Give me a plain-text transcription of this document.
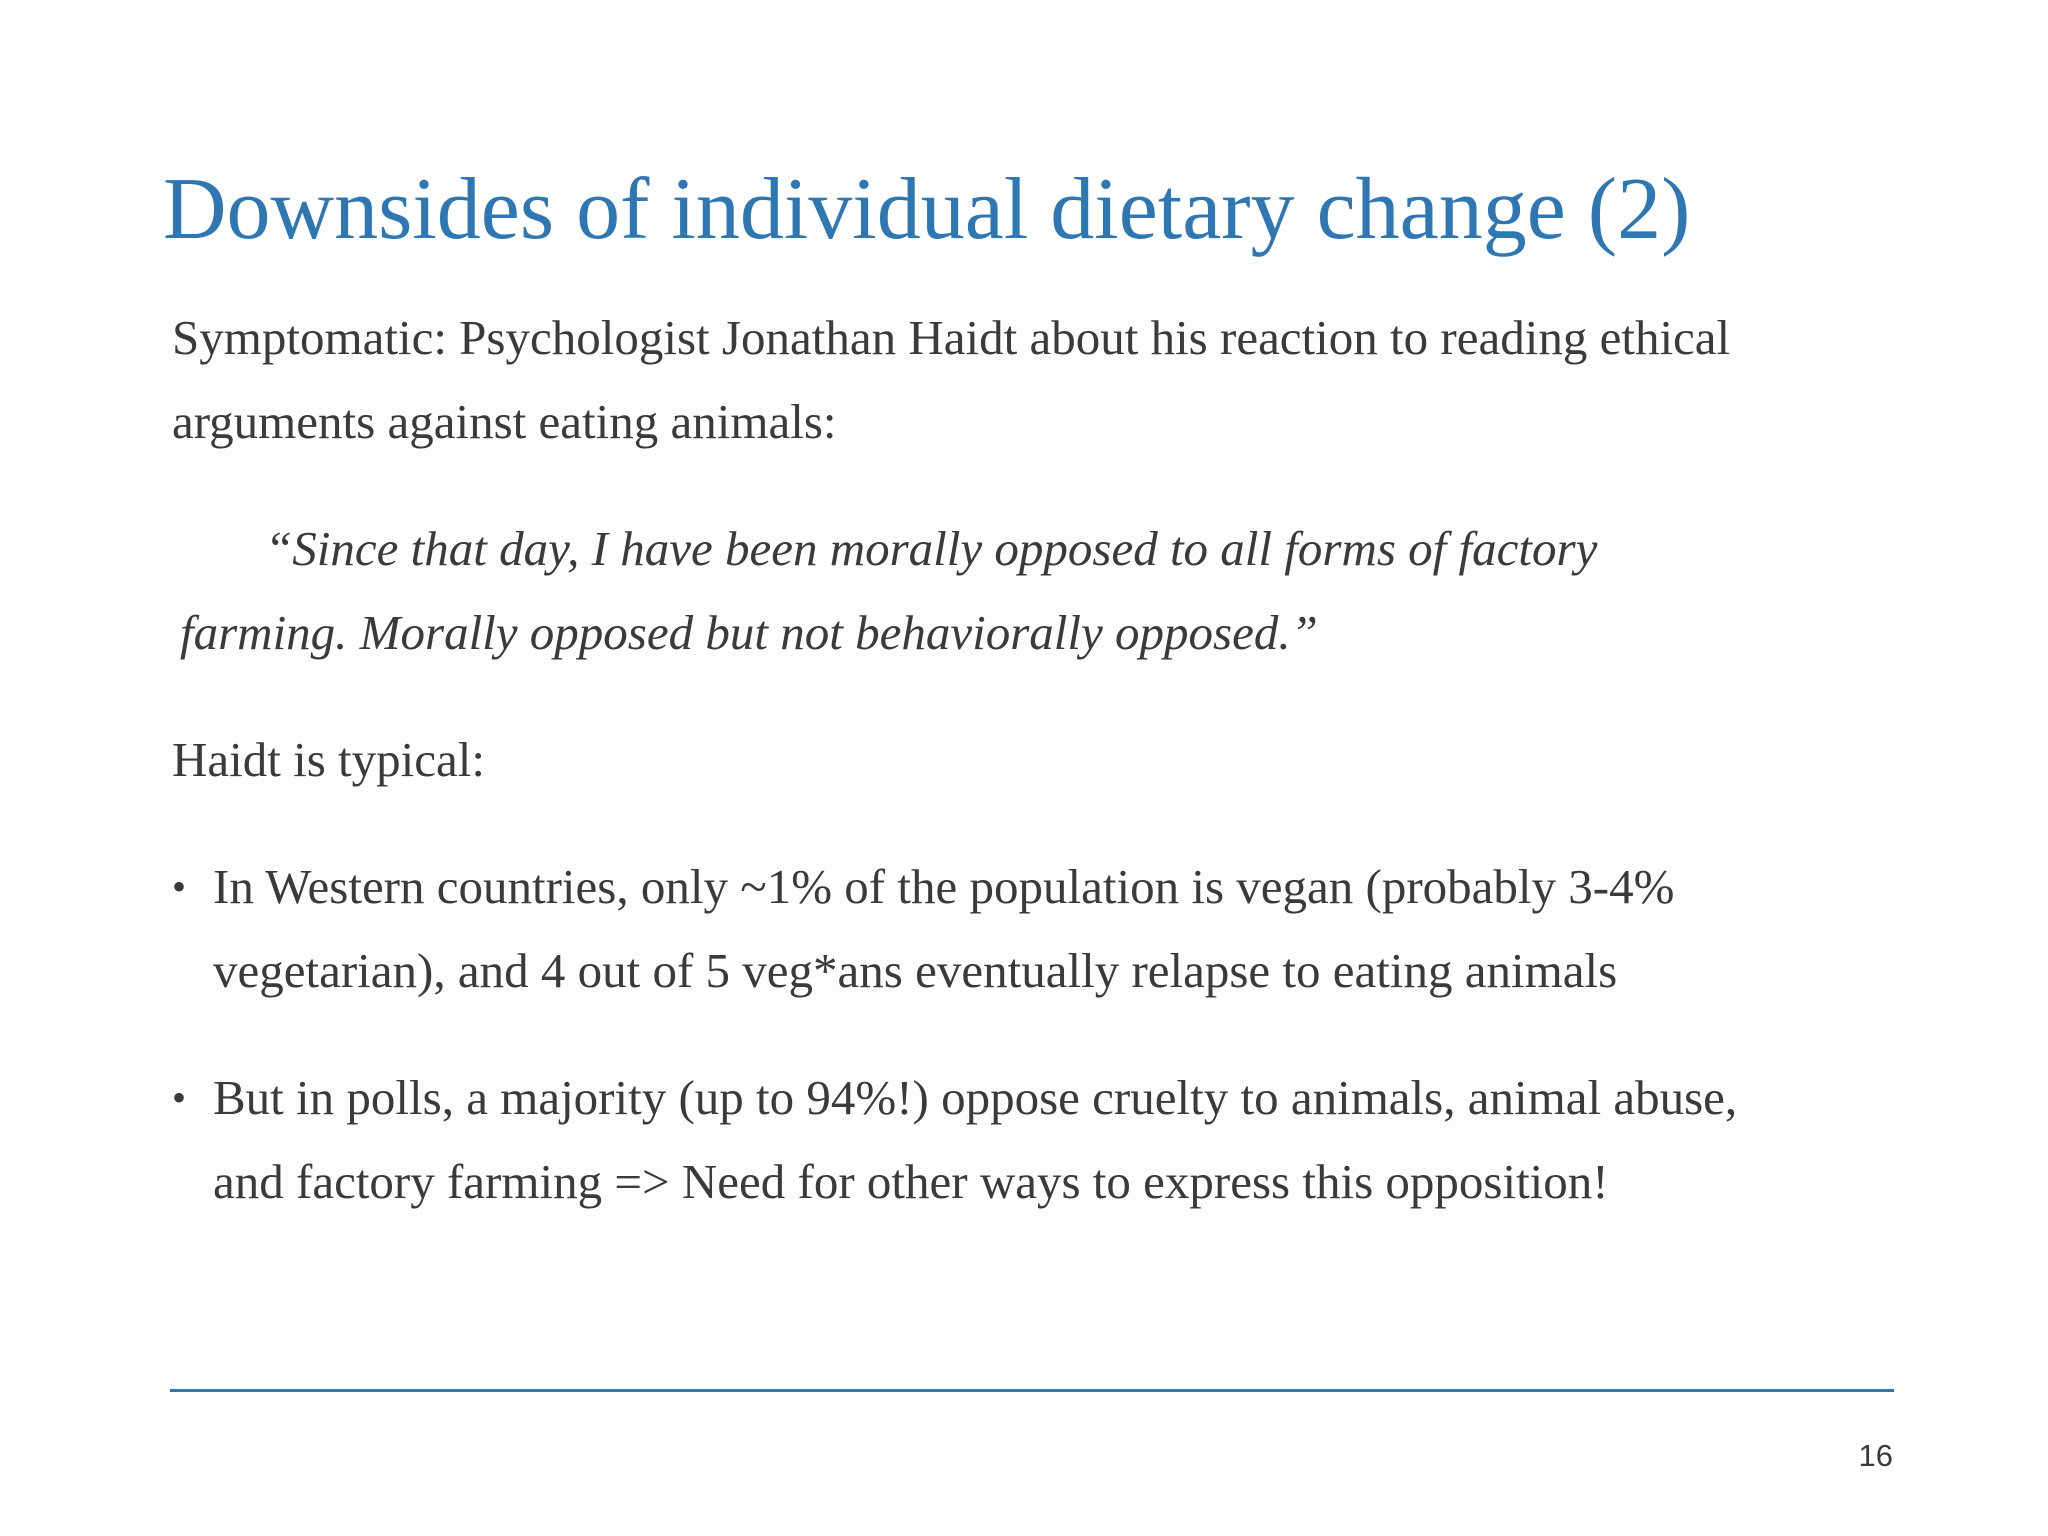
Downsides of individual dietary change (2)

Symptomatic: Psychologist Jonathan Haidt about his reaction to reading ethical arguments against eating animals:

“Since that day, I have been morally opposed to all forms of factory farming. Morally opposed but not behaviorally opposed.”

Haidt is typical:

• In Western countries, only ~1% of the population is vegan (probably 3-4% vegetarian), and 4 out of 5 veg*ans eventually relapse to eating animals
• But in polls, a majority (up to 94%!) oppose cruelty to animals, animal abuse, and factory farming => Need for other ways to express this opposition!
16
